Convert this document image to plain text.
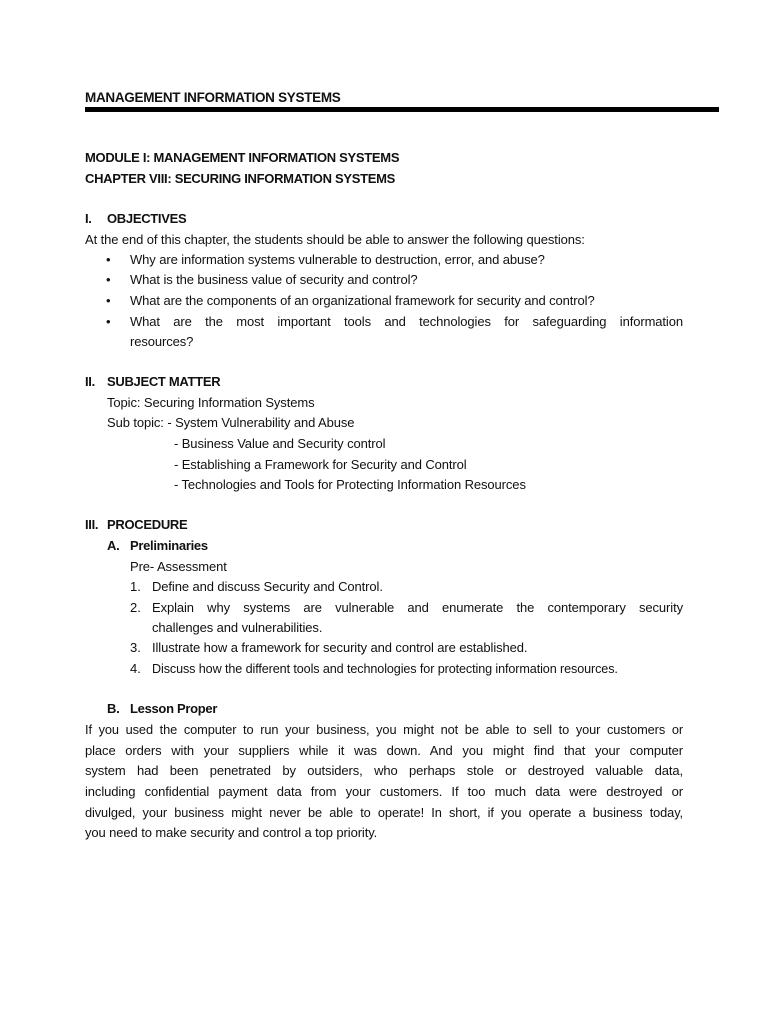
MANAGEMENT INFORMATION SYSTEMS
MODULE I: MANAGEMENT INFORMATION SYSTEMS
CHAPTER VIII: SECURING INFORMATION SYSTEMS
I. OBJECTIVES
At the end of this chapter, the students should be able to answer the following questions:
• Why are information systems vulnerable to destruction, error, and abuse?
• What is the business value of security and control?
• What are the components of an organizational framework for security and control?
• What are the most important tools and technologies for safeguarding information
resources?
II. SUBJECT MATTER
Topic: Securing Information Systems
Sub topic: - System Vulnerability and Abuse
- Business Value and Security control
- Establishing a Framework for Security and Control
- Technologies and Tools for Protecting Information Resources
III. PROCEDURE
A. Preliminaries
Pre- Assessment
1. Define and discuss Security and Control.
2. Explain why systems are vulnerable and enumerate the contemporary security
challenges and vulnerabilities.
3. Illustrate how a framework for security and control are established.
4. Discuss how the different tools and technologies for protecting information resources.
B. Lesson Proper
If you used the computer to run your business, you might not be able to sell to your customers or
place orders with your suppliers while it was down. And you might find that your computer
system had been penetrated by outsiders, who perhaps stole or destroyed valuable data,
including confidential payment data from your customers. If too much data were destroyed or
divulged, your business might never be able to operate! In short, if you operate a business today,
you need to make security and control a top priority.
